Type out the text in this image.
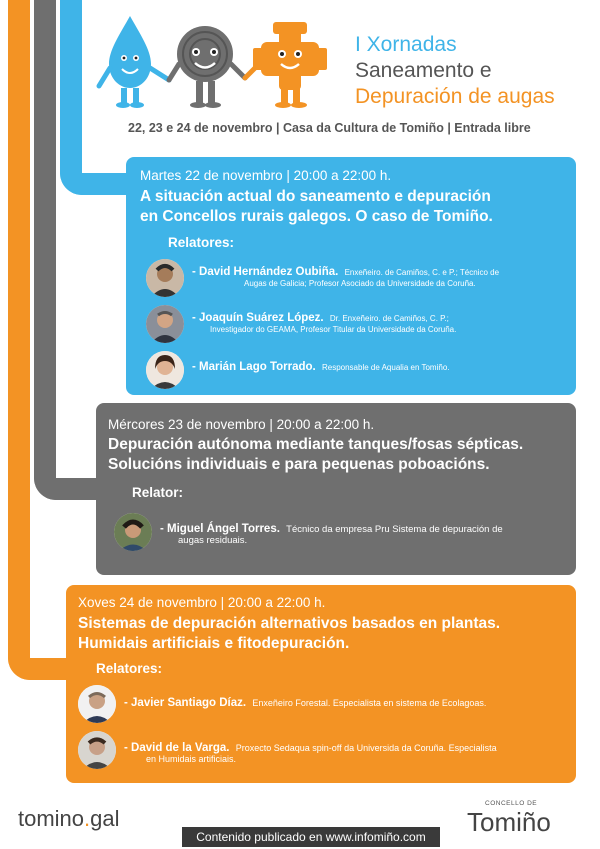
I Xornadas
Saneamento e
Depuración de augas
22, 23 e 24 de novembro | Casa da Cultura de Tomiño | Entrada libre
Martes 22 de novembro | 20:00 a 22:00 h.
A situación actual do saneamento e depuración
en Concellos rurais galegos. O caso de Tomiño.
Relatores:
- David Hernández Oubiña. Enxeñeiro. de Camiños, C. e P.; Técnico de
Augas de Galicia; Profesor Asociado da Universidade da Coruña.
- Joaquín Suárez López. Dr. Enxeñeiro. de Camiños, C. P.;
Investigador do GEAMA, Profesor Titular da Universidade da Coruña.
- Marián Lago Torrado. Responsable de Aqualia en Tomiño.
Mércores 23 de novembro | 20:00 a 22:00 h.
Depuración autónoma mediante tanques/fosas sépticas.
Solucións individuais e para pequenas poboacións.
Relator:
- Miguel Ángel Torres. Técnico da empresa Pru Sistema de depuración de
augas residuais.
Xoves 24 de novembro | 20:00 a 22:00 h.
Sistemas de depuración alternativos basados en plantas.
Humidais artificiais e fitodepuración.
Relatores:
- Javier Santiago Díaz. Enxeñeiro Forestal. Especialista en sistema de Ecolagoas.
- David de la Varga. Proxecto Sedaqua spin-off da Universida da Coruña. Especialista
en Humidais artificiais.
tomino.gal
Contenido publicado en www.infomiño.com
CONCELLO DE
Tomiño
